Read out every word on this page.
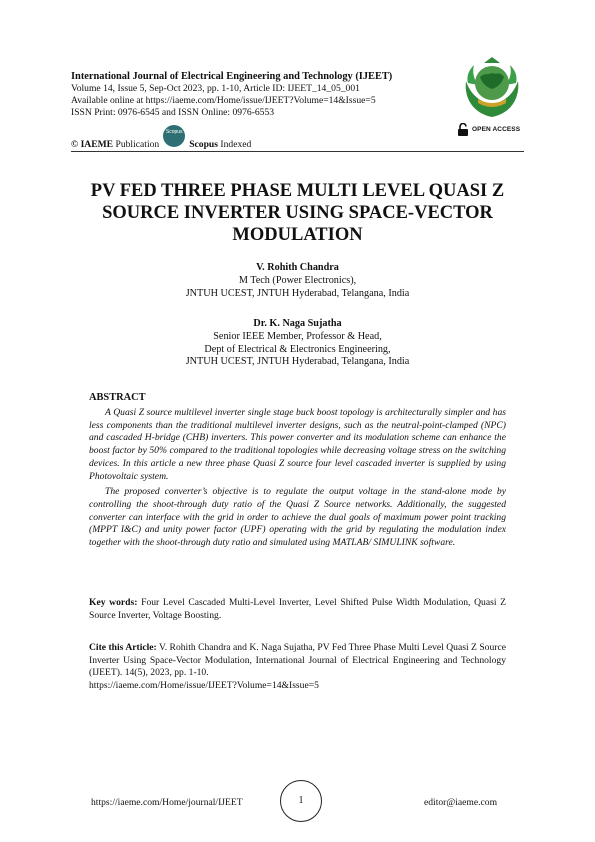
International Journal of Electrical Engineering and Technology (IJEET)
Volume 14, Issue 5, Sep-Oct 2023, pp. 1-10, Article ID: IJEET_14_05_001
Available online at https://iaeme.com/Home/issue/IJEET?Volume=14&Issue=5
ISSN Print: 0976-6545 and ISSN Online: 0976-6553
© IAEME
Publication
Scopus
Scopus
Indexed
OPEN ACCESS
PV FED THREE PHASE MULTI LEVEL QUASI Z SOURCE INVERTER USING SPACE-VECTOR MODULATION
V. Rohith Chandra
M Tech (Power Electronics),
JNTUH UCEST, JNTUH Hyderabad, Telangana, India
Dr. K. Naga Sujatha
Senior IEEE Member, Professor & Head,
Dept of Electrical & Electronics Engineering,
JNTUH UCEST, JNTUH Hyderabad, Telangana, India
ABSTRACT

A Quasi Z source multilevel inverter single stage buck boost topology is architecturally simpler and has less components than the traditional multilevel inverter designs, such as the neutral-point-clamped (NPC) and cascaded H-bridge (CHB) inverters. This power converter and its modulation scheme can enhance the boost factor by 50% compared to the traditional topologies while decreasing voltage stress on the switching devices. In this article a new three phase Quasi Z source four level cascaded inverter is supplied by using Photovoltaic system.

The proposed converter’s objective is to regulate the output voltage in the stand-alone mode by controlling the shoot-through duty ratio of the Quasi Z Source networks. Additionally, the suggested converter can interface with the grid in order to achieve the dual goals of maximum power point tracking (MPPT I&C) and unity power factor (UPF) operating with the grid by regulating the modulation index together with the shoot-through duty ratio and simulated using MATLAB/ SIMULINK software.

Key words: Four Level Cascaded Multi-Level Inverter, Level Shifted Pulse Width Modulation, Quasi Z Source Inverter, Voltage Boosting.
Cite this Article: V. Rohith Chandra and K. Naga Sujatha, PV Fed Three Phase Multi Level Quasi Z Source Inverter Using Space-Vector Modulation, International Journal of Electrical Engineering and Technology (IJEET). 14(5), 2023, pp. 1-10.
https://iaeme.com/Home/issue/IJEET?Volume=14&Issue=5
https://iaeme.com/Home/journal/IJEET	1	editor@iaeme.com
